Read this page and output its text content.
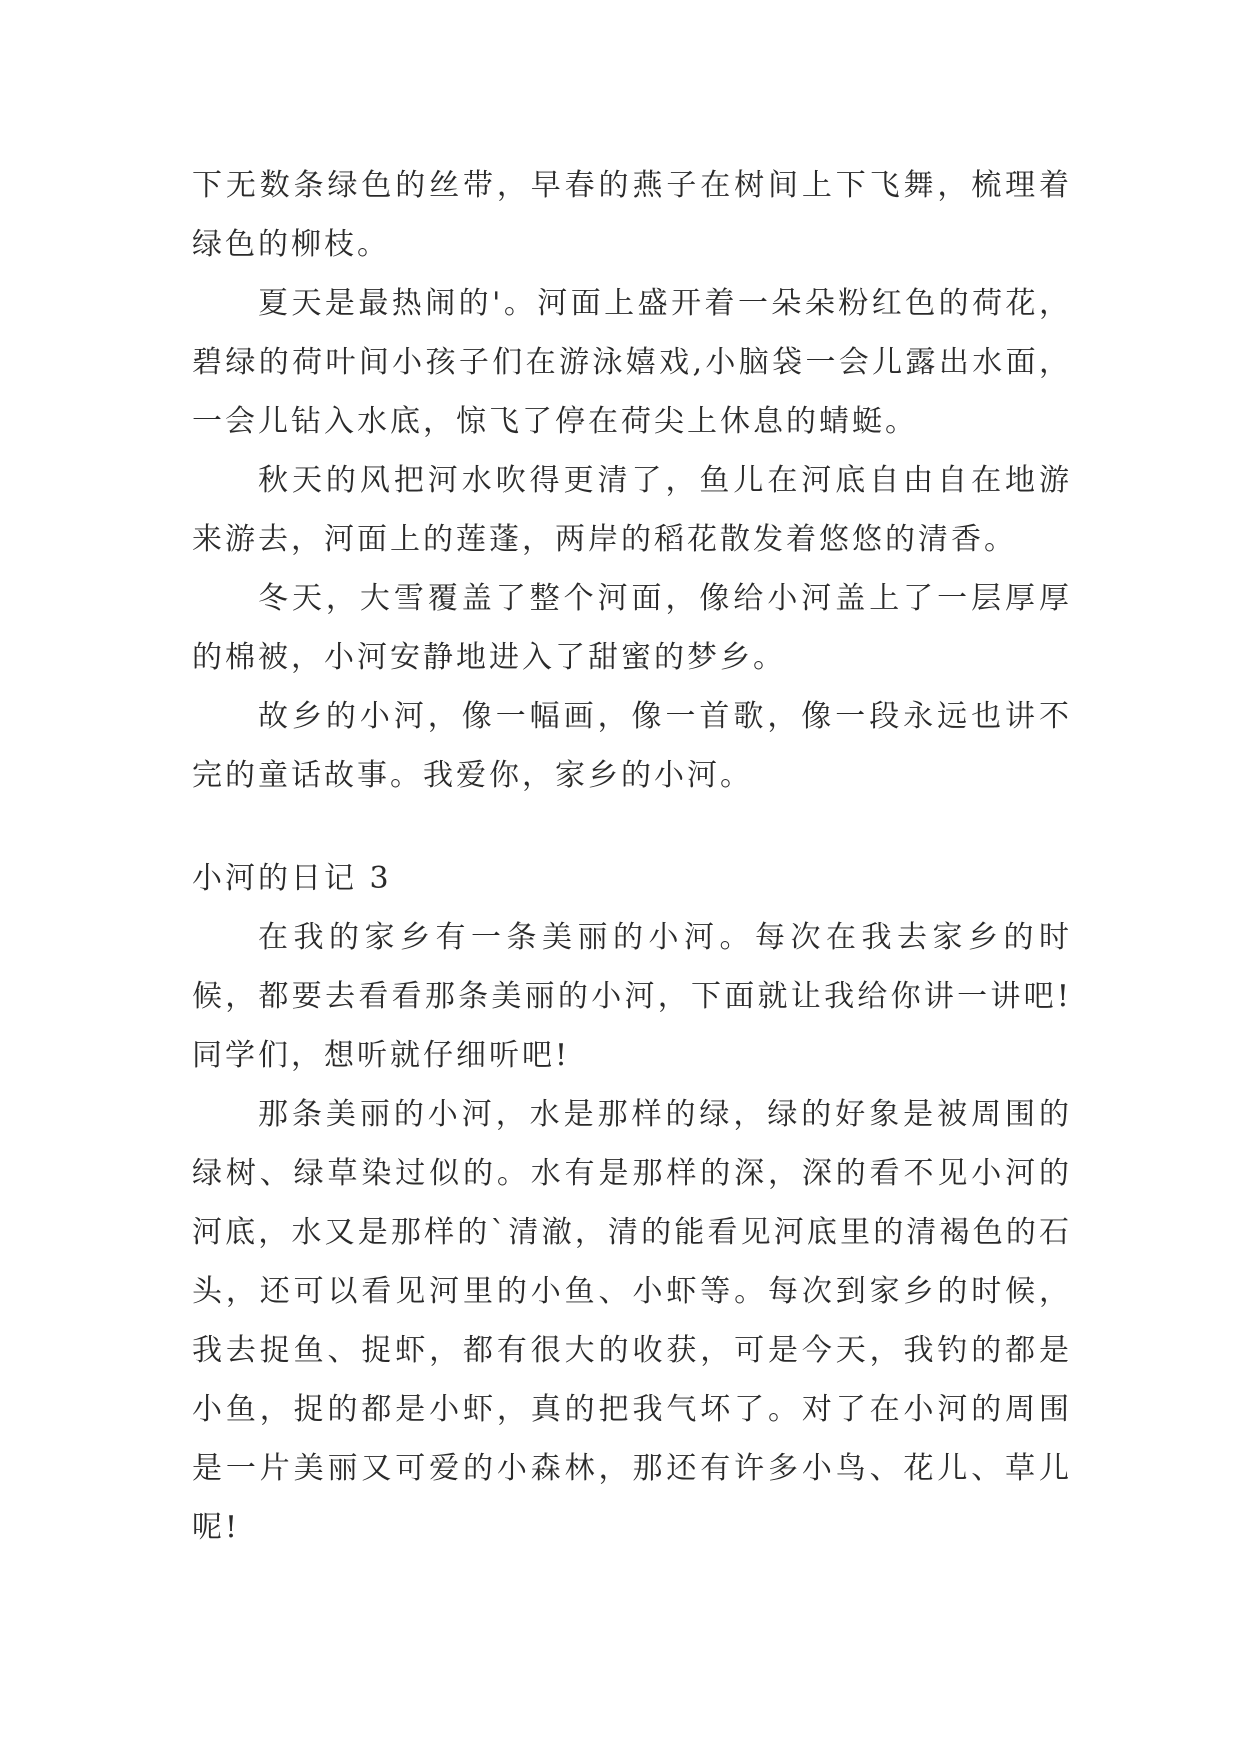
下无数条绿色的丝带，早春的燕子在树间上下飞舞，梳理着绿色的柳枝。

夏天是最热闹的'。河面上盛开着一朵朵粉红色的荷花，碧绿的荷叶间小孩子们在游泳嬉戏,小脑袋一会儿露出水面，一会儿钻入水底，惊飞了停在荷尖上休息的蜻蜓。

秋天的风把河水吹得更清了，鱼儿在河底自由自在地游来游去，河面上的莲蓬，两岸的稻花散发着悠悠的清香。

冬天，大雪覆盖了整个河面，像给小河盖上了一层厚厚的棉被，小河安静地进入了甜蜜的梦乡。

故乡的小河，像一幅画，像一首歌，像一段永远也讲不完的童话故事。我爱你，家乡的小河。

小河的日记 3

在我的家乡有一条美丽的小河。每次在我去家乡的时候，都要去看看那条美丽的小河，下面就让我给你讲一讲吧!同学们，想听就仔细听吧!

那条美丽的小河，水是那样的绿，绿的好象是被周围的绿树、绿草染过似的。水有是那样的深，深的看不见小河的河底，水又是那样的`清澈，清的能看见河底里的清褐色的石头，还可以看见河里的小鱼、小虾等。每次到家乡的时候，我去捉鱼、捉虾，都有很大的收获，可是今天，我钓的都是小鱼，捉的都是小虾，真的把我气坏了。对了在小河的周围是一片美丽又可爱的小森林，那还有许多小鸟、花儿、草儿呢!
